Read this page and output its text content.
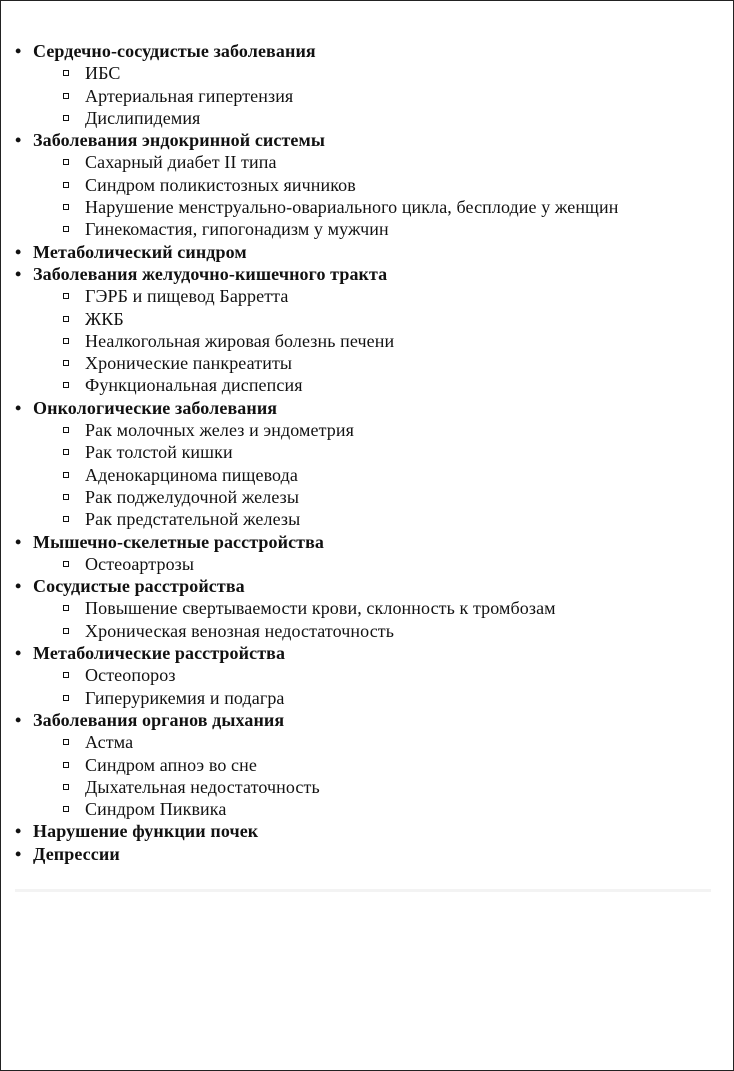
• Сердечно-сосудистые заболевания
ИБС
Артериальная гипертензия
Дислипидемия
• Заболевания эндокринной системы
Сахарный диабет II типа
Синдром поликистозных яичников
Нарушение менструально-овариального цикла, бесплодие у женщин
Гинекомастия, гипогонадизм у мужчин
• Метаболический синдром
• Заболевания желудочно-кишечного тракта
ГЭРБ и пищевод Барретта
ЖКБ
Неалкогольная жировая болезнь печени
Хронические панкреатиты
Функциональная диспепсия
• Онкологические заболевания
Рак молочных желез и эндометрия
Рак толстой кишки
Аденокарцинома пищевода
Рак поджелудочной железы
Рак предстательной железы
• Мышечно-скелетные расстройства
Остеоартрозы
• Сосудистые расстройства
Повышение свертываемости крови, склонность к тромбозам
Хроническая венозная недостаточность
• Метаболические расстройства
Остеопороз
Гиперурикемия и подагра
• Заболевания органов дыхания
Астма
Синдром апноэ во сне
Дыхательная недостаточность
Синдром Пиквика
• Нарушение функции почек
• Депрессии
